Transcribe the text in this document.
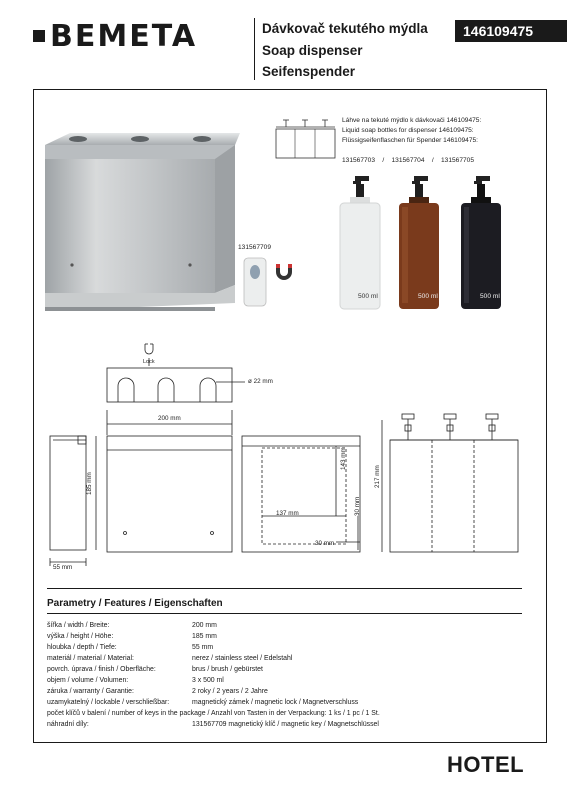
BEMETA	Dávkovač tekutého mýdla
Soap dispenser
Seifenspender
146109475
131567709
Láhve na tekuté mýdlo k dávkovači 146109475:
Liquid soap bottles for dispenser 146109475:
Flüssigseifenflaschen für Spender 146109475:
131567703    /    131567704    /    131567705
500 ml	500 ml	500 ml
Lock
ø 22 mm
200 mm
185 mm
55 mm
143 mm
137 mm	30 mm
30 mm
217 mm
Parametry / Features / Eigenschaften
šířka / width / Breite:	200 mm
výška / height / Höhe:	185 mm
hloubka / depth / Tiefe:	55 mm
materiál / material / Material:	nerez / stainless steel / Edelstahl
povrch. úprava / finish / Oberfläche:	brus / brush / gebürstet
objem / volume / Volumen:	3 x 500 ml
záruka / warranty / Garantie:	2 roky / 2 years / 2 Jahre
uzamykatelný / lockable / verschließbar:	magnetický zámek / magnetic lock / Magnetverschluss
počet klíčů v balení / number of keys in the package / Anzahl von Tasten in der Verpackung: 1 ks / 1 pc / 1 St.
náhradní díly:	131567709 magnetický klíč / magnetic key / Magnetschlüssel
HOTEL
